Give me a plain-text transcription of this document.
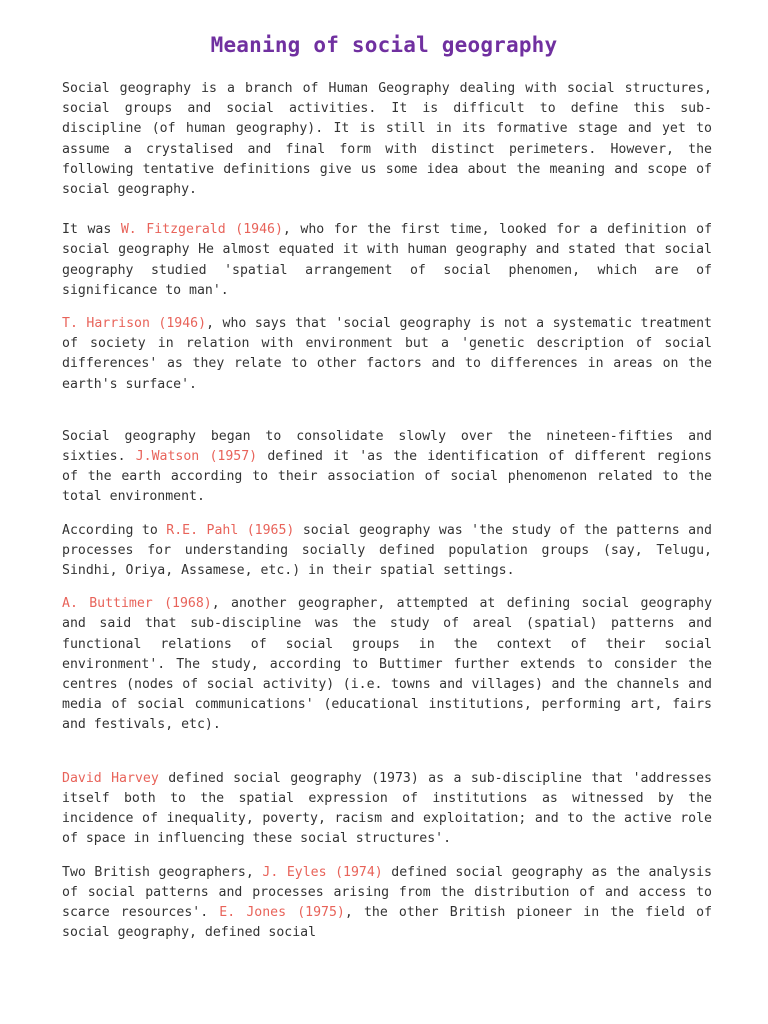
Meaning of social geography

Social geography is a branch of Human Geography dealing with social structures, social groups and social activities. It is difficult to define this sub-discipline (of human geography). It is still in its formative stage and yet to assume a crystalised and final form with distinct perimeters. However, the following tentative definitions give us some idea about the meaning and scope of social geography.

It was W. Fitzgerald (1946), who for the first time, looked for a definition of social geography He almost equated it with human geography and stated that social geography studied 'spatial arrangement of social phenomen, which are of significance to man'.

T. Harrison (1946), who says that 'social geography is not a systematic treatment of society in relation with environment but a 'genetic description of social differences' as they relate to other factors and to differences in areas on the earth's surface'.

Social geography began to consolidate slowly over the nineteen-fifties and sixties. J.Watson (1957) defined it 'as the identification of different regions of the earth according to their association of social phenomenon related to the total environment.

According to R.E. Pahl (1965) social geography was 'the study of the patterns and processes for understanding socially defined population groups (say, Telugu, Sindhi, Oriya, Assamese, etc.) in their spatial settings.

A. Buttimer (1968), another geographer, attempted at defining social geography and said that sub-discipline was the study of areal (spatial) patterns and functional relations of social groups in the context of their social environment'. The study, according to Buttimer further extends to consider the centres (nodes of social activity) (i.e. towns and villages) and the channels and media of social communications' (educational institutions, performing art, fairs and festivals, etc).

David Harvey defined social geography (1973) as a sub-discipline that 'addresses itself both to the spatial expression of institutions as witnessed by the incidence of inequality, poverty, racism and exploitation; and to the active role of space in influencing these social structures'.

Two British geographers, J. Eyles (1974) defined social geography as the analysis of social patterns and processes arising from the distribution of and access to scarce resources'. E. Jones (1975), the other British pioneer in the field of social geography, defined social
